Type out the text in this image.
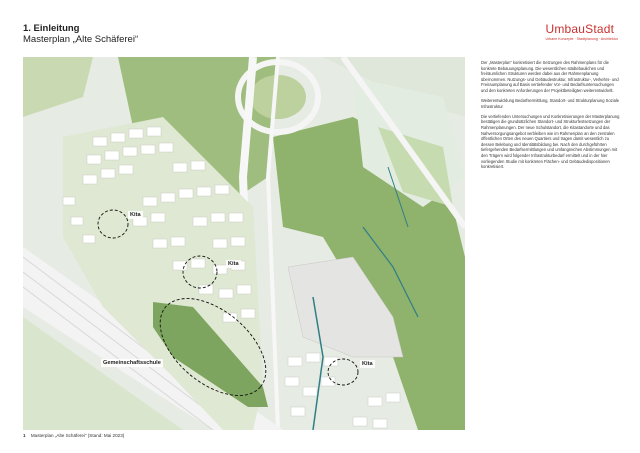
1. Einleitung
Masterplan „Alte Schäferei“
UmbauStadt
Urbane Konzepte · Stadtplanung · Architektur
Kita
Kita
Kita
Gemeinschaftsschule
1 Masterplan „Alte Schäferei“ (Stand: Mai 2023)

Der „Masterplan“ konkretisiert die Setzungen des Rahmenplans für die konkrete Bebauungsplanung. Die wesentlichen städtebaulichen und freiräumlichen Strukturen werden dabei aus der Rahmenplanung übernommen. Nutzungs- und Gebäudestruktur, Infrastruktur-, Verkehrs- und Freiraumplanung auf Basis vertiefender Vor- und Bedarfsuntersuchungen und den konkreten Anforderungen der Projektbeteiligten weiterentwickelt.

Weiterentwicklung Bedarfsermittlung, Standort- und Strukturplanung Soziale Infrastruktur

Die vertiefenden Untersuchungen und Konkretisierungen der Masterplanung bestätigen die grundsätzlichen Standort- und Strukturfestsetzungen der Rahmenplanungen. Der neue Schulstandort, die Kitastandorte und das Nahversorgungsangebot verbleiben wie im Rahmenplan an den zentralen öffentlichen Orten des neuen Quartiers und tragen damit wesentlich zu dessen Belebung und Identitätsbildung bei. Nach den durchgeführten tiefergehenden Bedarfsermittlungen und umfangreichen Abstimmungen mit den Trägern wird folgender Infrastrukturbedarf ermittelt und in der hier vorliegenden Studie mit konkreten Flächen- und Gebäudedispositionen konkretisiert.
